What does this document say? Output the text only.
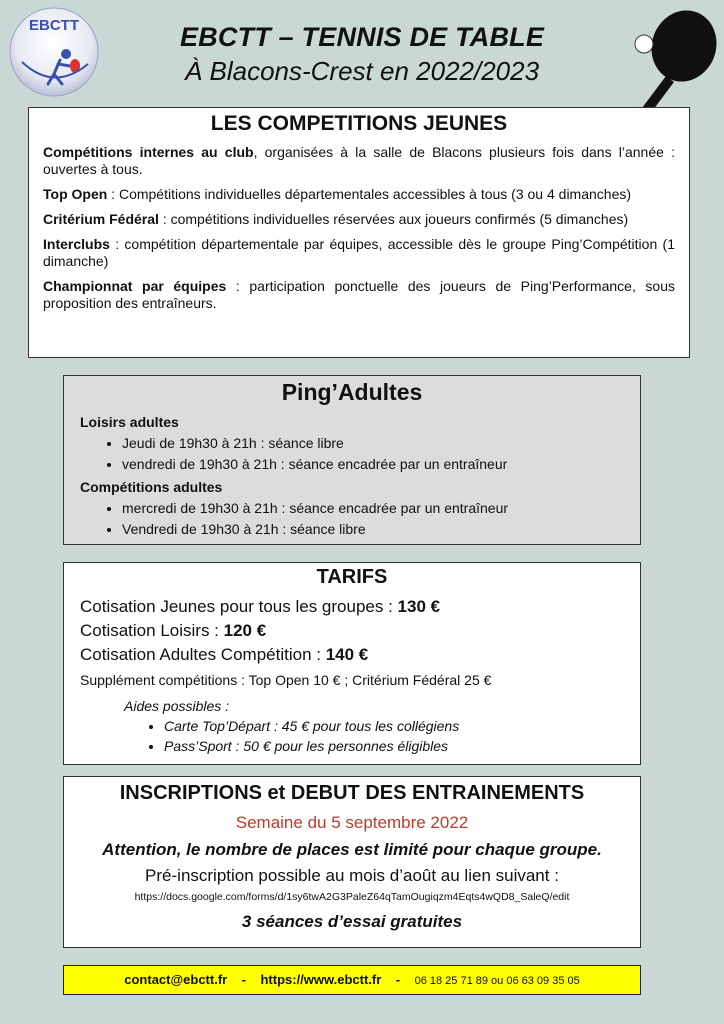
EBCTT	EBCTT – TENNIS DE TABLE
À Blacons-Crest en 2022/2023
LES COMPETITIONS JEUNES

Compétitions internes au club, organisées à la salle de Blacons plusieurs fois dans l’année : ouvertes à tous.

Top Open : Compétitions individuelles départementales accessibles à tous (3 ou 4 dimanches)

Critérium Fédéral : compétitions individuelles réservées aux joueurs confirmés (5 dimanches)

Interclubs : compétition départementale par équipes, accessible dès le groupe Ping’Compétition (1 dimanche)

Championnat par équipes : participation ponctuelle des joueurs de Ping’Performance, sous proposition des entraîneurs.

Ping’Adultes
Loisirs adultes
• Jeudi de 19h30 à 21h : séance libre
• vendredi de 19h30 à 21h : séance encadrée par un entraîneur
Compétitions adultes
• mercredi de 19h30 à 21h : séance encadrée par un entraîneur
• Vendredi de 19h30 à 21h : séance libre
TARIFS
Cotisation Jeunes pour tous les groupes : 130 €
Cotisation Loisirs : 120 €
Cotisation Adultes Compétition : 140 €
Supplément compétitions : Top Open 10 € ; Critérium Fédéral 25 €
Aides possibles :
• Carte Top’Départ : 45 € pour tous les collégiens
• Pass’Sport : 50 € pour les personnes éligibles
INSCRIPTIONS et DEBUT DES ENTRAINEMENTS
Semaine du 5 septembre 2022
Attention, le nombre de places est limité pour chaque groupe.
Pré-inscription possible au mois d’août au lien suivant :
https://docs.google.com/forms/d/1sy6twA2G3PaleZ64qTamOugiqzm4Eqts4wQD8_SaleQ/edit
3 séances d’essai gratuites
contact@ebctt.fr - https://www.ebctt.fr - 06 18 25 71 89 ou 06 63 09 35 05
